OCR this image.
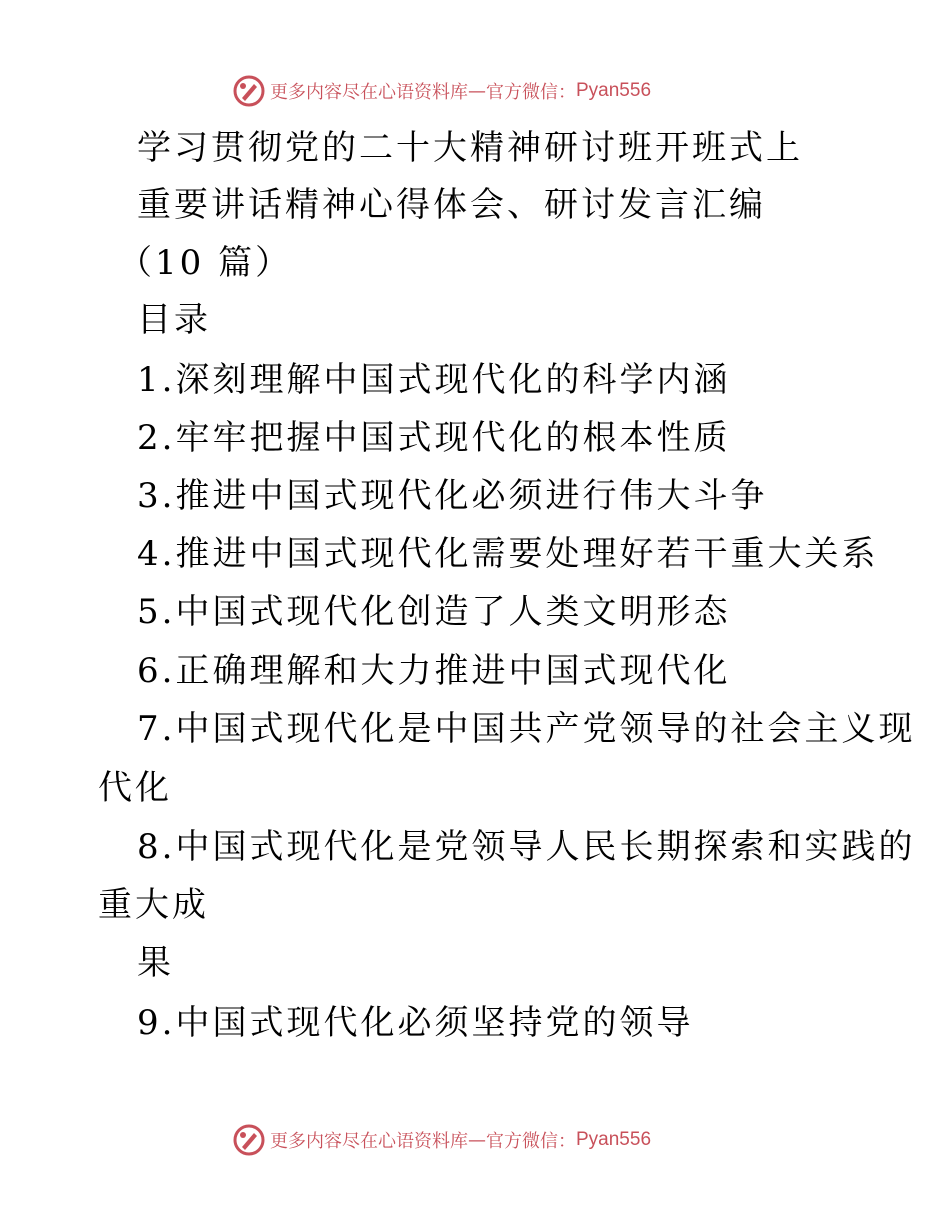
更多内容尽在心语资料库 — 官方微信： Pyan556
学习贯彻党的二十大精神研讨班开班式上
重要讲话精神心得体会、研讨发言汇编
（10 篇）
目录
1.深刻理解中国式现代化的科学内涵
2.牢牢把握中国式现代化的根本性质
3.推进中国式现代化必须进行伟大斗争
4.推进中国式现代化需要处理好若干重大关系
5.中国式现代化创造了人类文明形态
6.正确理解和大力推进中国式现代化
7.中国式现代化是中国共产党领导的社会主义现
代化
8.中国式现代化是党领导人民长期探索和实践的
重大成
果
9.中国式现代化必须坚持党的领导
更多内容尽在心语资料库 — 官方微信： Pyan556
